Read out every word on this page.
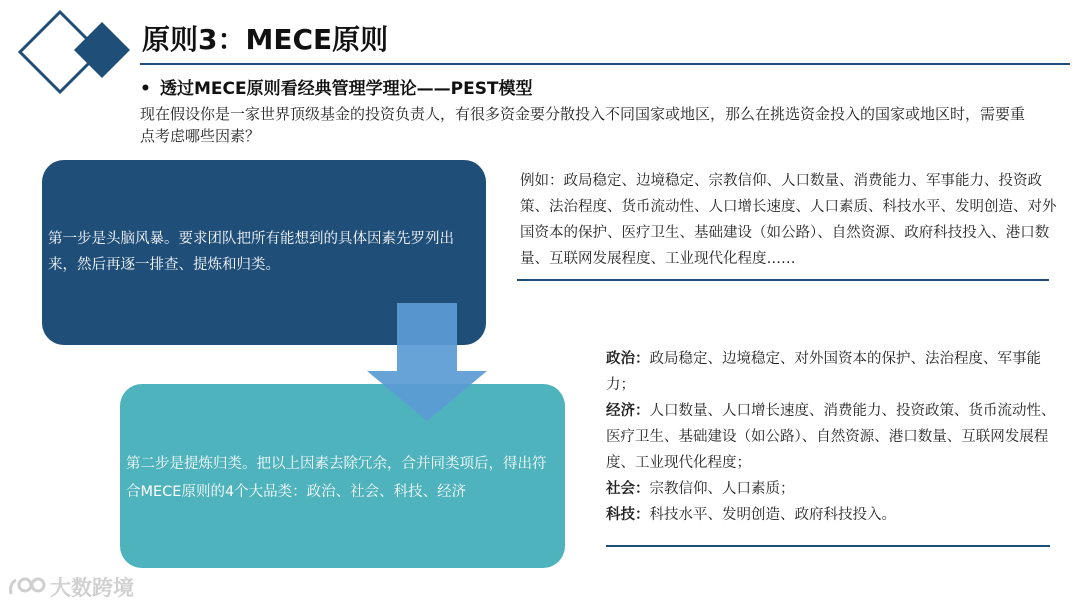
原则3：MECE原则
• 透过MECE原则看经典管理学理论——PEST模型
现在假设你是一家世界顶级基金的投资负责人，有很多资金要分散投入不同国家或地区，那么在挑选资金投入的国家或地区时，需要重点考虑哪些因素？
第一步是头脑风暴。要求团队把所有能想到的具体因素先罗列出来，然后再逐一排查、提炼和归类。
第二步是提炼归类。把以上因素去除冗余，合并同类项后，得出符合MECE原则的4个大品类：政治、社会、科技、经济
例如：政局稳定、边境稳定、宗教信仰、人口数量、消费能力、军事能力、投资政策、法治程度、货币流动性、人口增长速度、人口素质、科技水平、发明创造、对外国资本的保护、医疗卫生、基础建设（如公路）、自然资源、政府科技投入、港口数量、互联网发展程度、工业现代化程度……
政治：政局稳定、边境稳定、对外国资本的保护、法治程度、军事能力；
经济：人口数量、人口增长速度、消费能力、投资政策、货币流动性、医疗卫生、基础建设（如公路）、自然资源、港口数量、互联网发展程度、工业现代化程度；
社会：宗教信仰、人口素质；
科技：科技水平、发明创造、政府科技投入。
大数跨境
